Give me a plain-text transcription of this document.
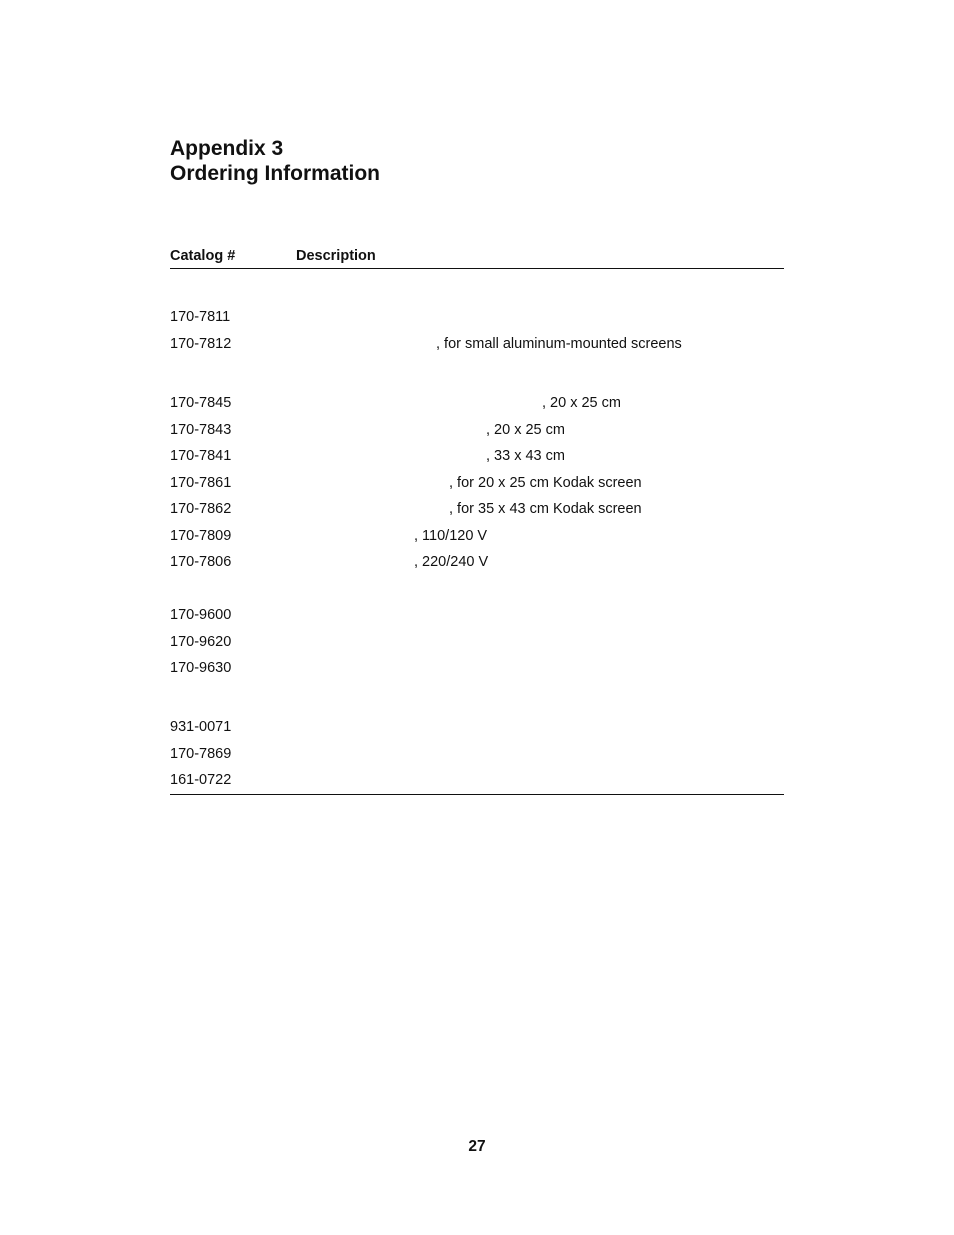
Appendix 3
Ordering Information
Catalog #	Description
170-7811
170-7812	, for small aluminum-mounted screens
170-7845	, 20 x 25 cm
170-7843	, 20 x 25 cm
170-7841	, 33 x 43 cm
170-7861	, for 20 x 25 cm Kodak screen
170-7862	, for 35 x 43 cm Kodak screen
170-7809	, 110/120 V
170-7806	, 220/240 V
170-9600
170-9620
170-9630
931-0071
170-7869
161-0722
27
